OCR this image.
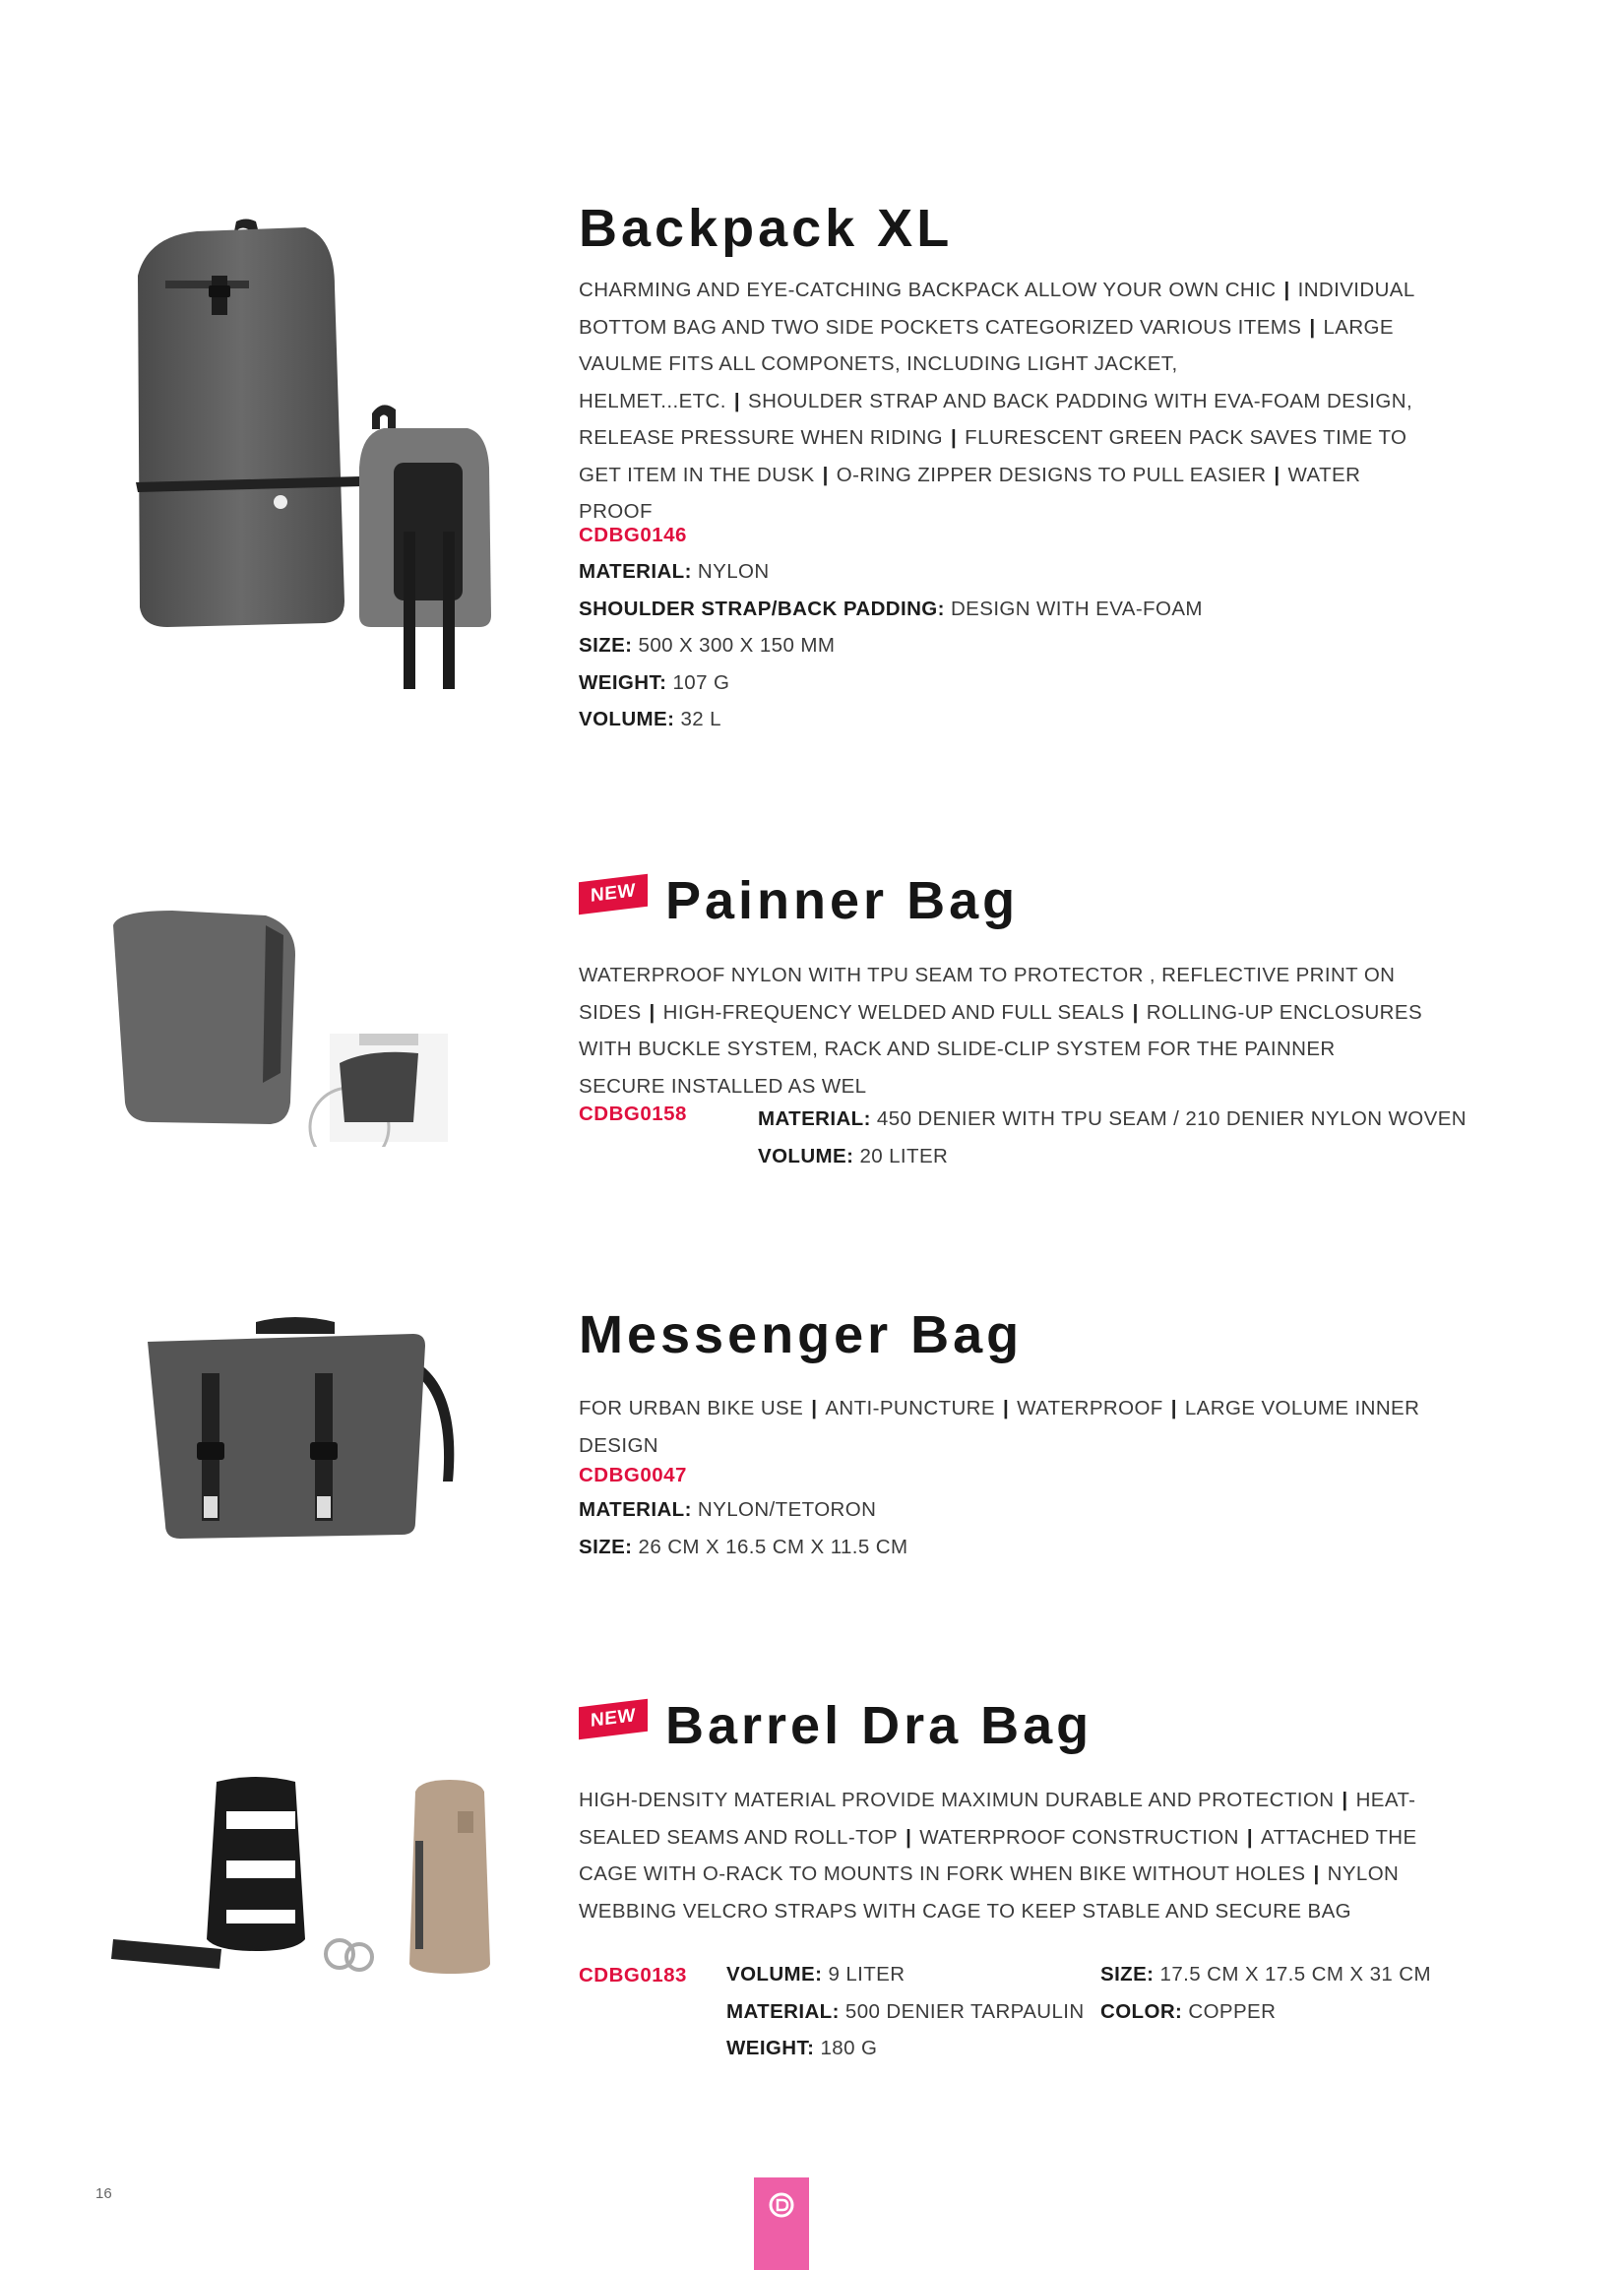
Backpack XL
CHARMING AND EYE-CATCHING BACKPACK ALLOW YOUR OWN CHIC | INDIVIDUAL BOTTOM BAG AND TWO SIDE POCKETS CATEGORIZED VARIOUS ITEMS | LARGE VAULME FITS ALL COMPONETS, INCLUDING LIGHT JACKET, HELMET...ETC. | SHOULDER STRAP AND BACK PADDING WITH EVA-FOAM DESIGN, RELEASE PRESSURE WHEN RIDING | FLURESCENT GREEN PACK SAVES TIME TO GET ITEM IN THE DUSK | O-RING ZIPPER DESIGNS TO PULL EASIER | WATER PROOF
CDBG0146
MATERIAL: NYLON
SHOULDER STRAP/BACK PADDING: DESIGN WITH EVA-FOAM
SIZE: 500 X 300 X 150 MM
WEIGHT: 107 G
VOLUME: 32 L
NEW Painner Bag
WATERPROOF NYLON WITH TPU SEAM TO PROTECTOR , REFLECTIVE PRINT ON SIDES | HIGH-FREQUENCY WELDED AND FULL SEALS | ROLLING-UP ENCLOSURES WITH BUCKLE SYSTEM, RACK AND SLIDE-CLIP SYSTEM FOR THE PAINNER SECURE INSTALLED AS WEL
CDBG0158	MATERIAL: 450 DENIER WITH TPU SEAM / 210 DENIER NYLON WOVEN
VOLUME: 20 LITER
Messenger Bag
FOR URBAN BIKE USE | ANTI-PUNCTURE | WATERPROOF | LARGE VOLUME INNER DESIGN
CDBG0047
MATERIAL: NYLON/TETORON
SIZE: 26 CM X 16.5 CM X 11.5 CM
NEW Barrel Dra Bag
HIGH-DENSITY MATERIAL PROVIDE MAXIMUN DURABLE AND PROTECTION | HEAT-SEALED SEAMS AND ROLL-TOP | WATERPROOF CONSTRUCTION | ATTACHED THE CAGE WITH O-RACK TO MOUNTS IN FORK WHEN BIKE WITHOUT HOLES | NYLON WEBBING VELCRO STRAPS WITH CAGE TO KEEP STABLE AND SECURE BAG
CDBG0183 VOLUME: 9 LITER
MATERIAL: 500 DENIER TARPAULIN
WEIGHT: 180 G
SIZE: 17.5 CM X 17.5 CM X 31 CM
COLOR: COPPER
16
